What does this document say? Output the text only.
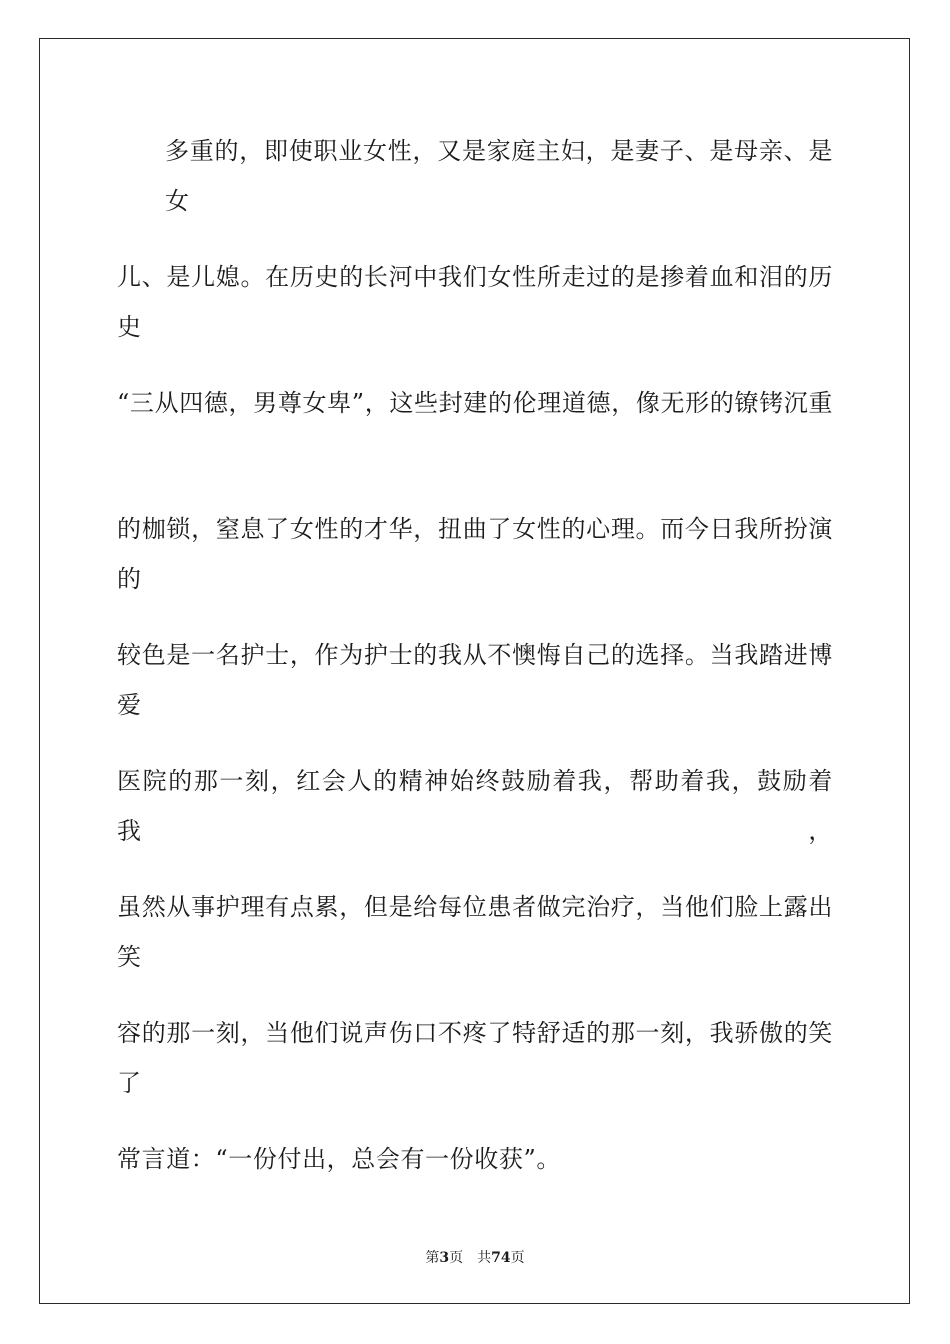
多重的，即使职业女性，又是家庭主妇，是妻子、是母亲、是女
儿、是儿媳。在历史的长河中我们女性所走过的是掺着血和泪的历史
“三从四德，男尊女卑”，这些封建的伦理道德，像无形的镣铐沉重
的枷锁，窒息了女性的才华，扭曲了女性的心理。而今日我所扮演的
较色是一名护士，作为护士的我从不懊悔自己的选择。当我踏进博爱
医院的那一刻，红会人的精神始终鼓励着我，帮助着我，鼓励着我，
虽然从事护理有点累，但是给每位患者做完治疗，当他们脸上露出笑
容的那一刻，当他们说声伤口不疼了特舒适的那一刻，我骄傲的笑了
常言道：“一份付出，总会有一份收获”。
第3页 共74页
